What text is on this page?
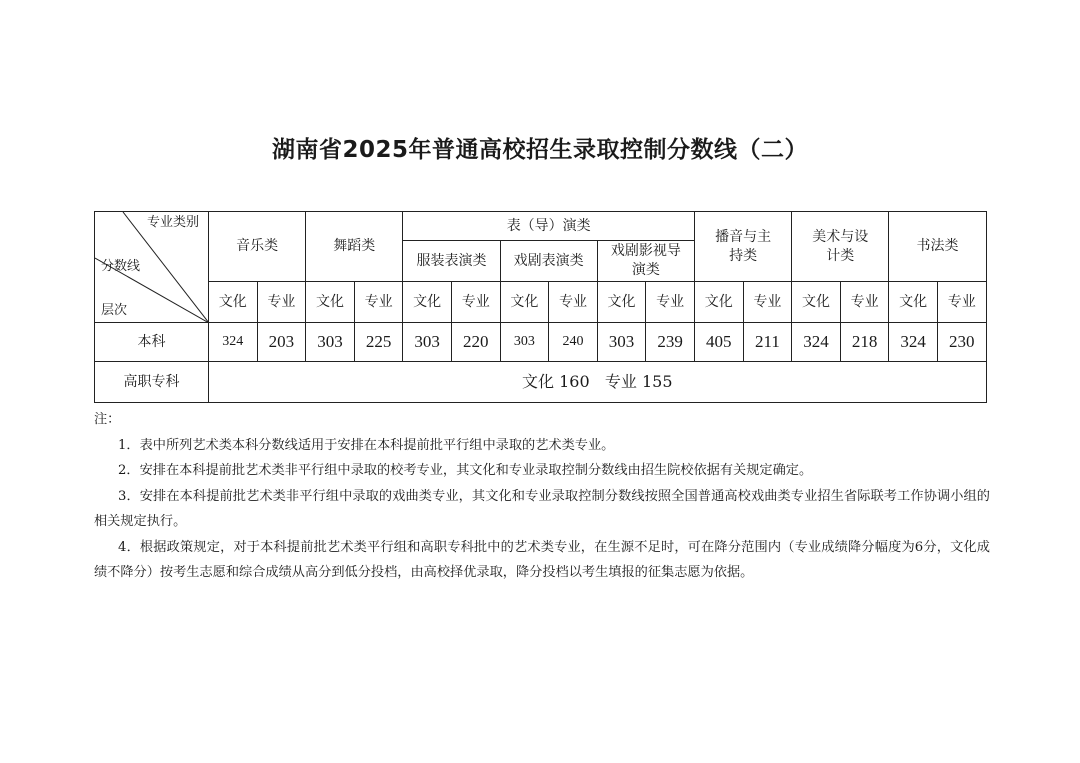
湖南省2025年普通高校招生录取控制分数线（二）
专业类别
分数线
层次	音乐类		舞蹈类		表（导）演类						播音与主持类		美术与设计类		书法类	
					服装表演类		戏剧表演类		戏剧影视导演类							
	文化	专业	文化	专业	文化	专业	文化	专业	文化	专业	文化	专业	文化	专业	文化	专业
本科	324	203	303	225	303	220	303	240	303	239	405	211	324	218	324	230
高职专科	文化 160   专业 155															

注：

1．表中所列艺术类本科分数线适用于安排在本科提前批平行组中录取的艺术类专业。

2．安排在本科提前批艺术类非平行组中录取的校考专业，其文化和专业录取控制分数线由招生院校依据有关规定确定。

3．安排在本科提前批艺术类非平行组中录取的戏曲类专业，其文化和专业录取控制分数线按照全国普通高校戏曲类专业招生省际联考工作协调小组的相关规定执行。

4．根据政策规定，对于本科提前批艺术类平行组和高职专科批中的艺术类专业，在生源不足时，可在降分范围内（专业成绩降分幅度为6分，文化成绩不降分）按考生志愿和综合成绩从高分到低分投档，由高校择优录取，降分投档以考生填报的征集志愿为依据。
